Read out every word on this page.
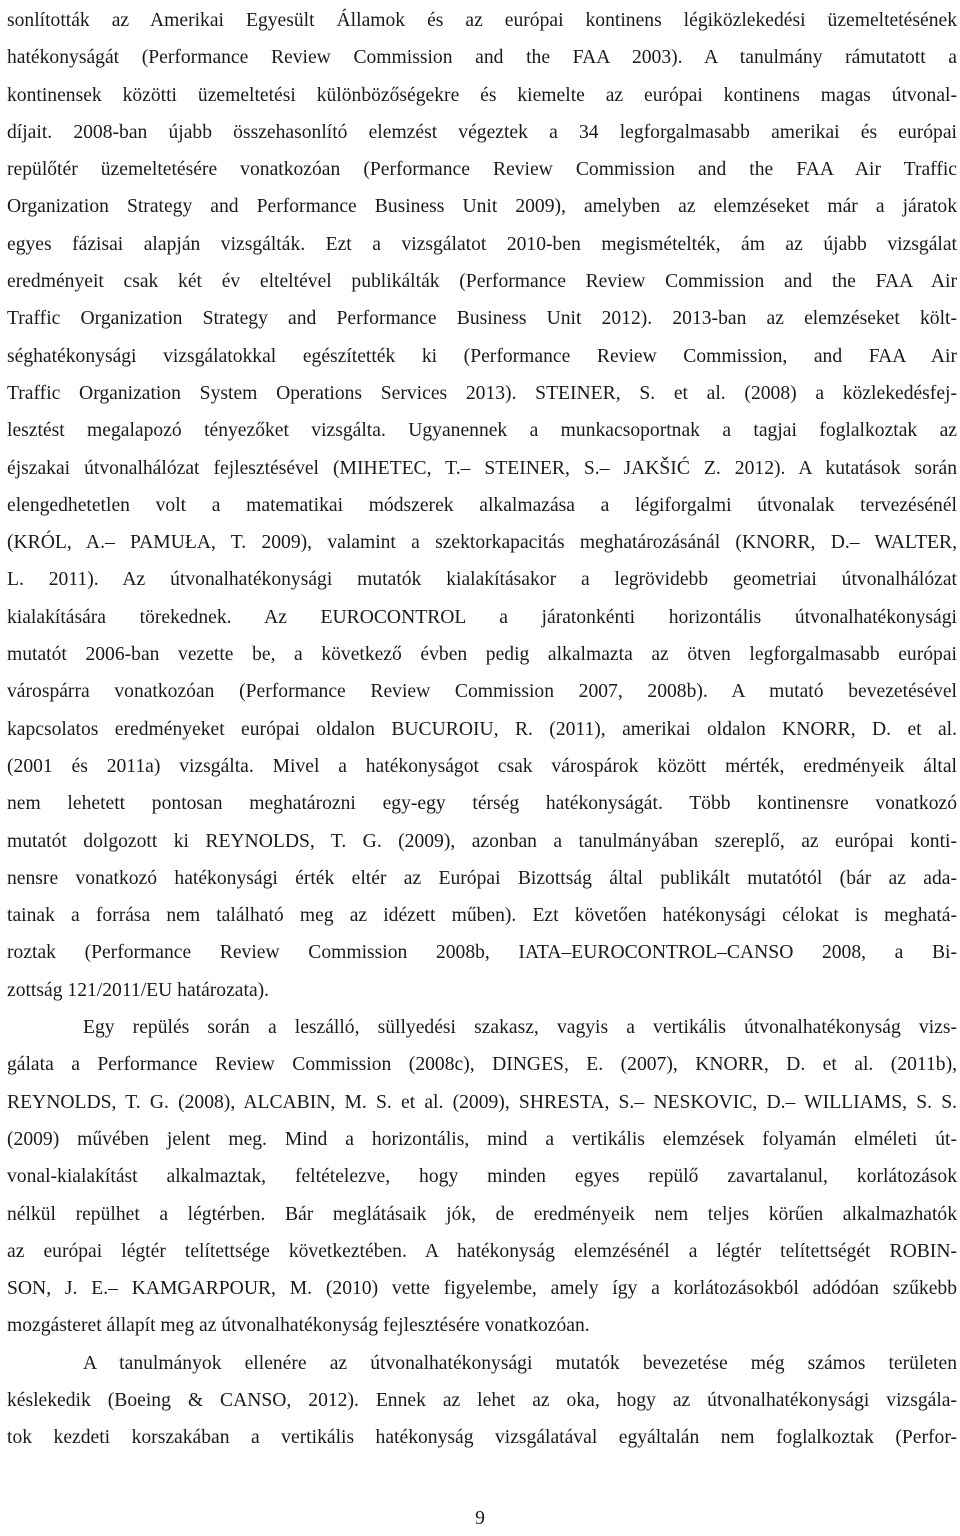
sonlították az Amerikai Egyesült Államok és az európai kontinens légiközlekedési üzemeltetésének
hatékonyságát (Performance Review Commission and the FAA 2003). A tanulmány rámutatott a
kontinensek közötti üzemeltetési különbözőségekre és kiemelte az európai kontinens magas útvonal-
díjait. 2008-ban újabb összehasonlító elemzést végeztek a 34 legforgalmasabb amerikai és európai
repülőtér üzemeltetésére vonatkozóan (Performance Review Commission and the FAA Air Traffic
Organization Strategy and Performance Business Unit 2009), amelyben az elemzéseket már a járatok
egyes fázisai alapján vizsgálták. Ezt a vizsgálatot 2010-ben megismételték, ám az újabb vizsgálat
eredményeit csak két év elteltével publikálták (Performance Review Commission and the FAA Air
Traffic Organization Strategy and Performance Business Unit 2012). 2013-ban az elemzéseket költ-
séghatékonysági vizsgálatokkal egészítették ki (Performance Review Commission, and FAA Air
Traffic Organization System Operations Services 2013). STEINER, S. et al. (2008) a közlekedésfej-
lesztést megalapozó tényezőket vizsgálta. Ugyanennek a munkacsoportnak a tagjai foglalkoztak az
éjszakai útvonalhálózat fejlesztésével (MIHETEC, T.– STEINER, S.– JAKŠIĆ Z. 2012). A kutatások során
elengedhetetlen volt a matematikai módszerek alkalmazása a légiforgalmi útvonalak tervezésénél
(KRÓL, A.– PAMUŁA, T. 2009), valamint a szektorkapacitás meghatározásánál (KNORR, D.– WALTER,
L. 2011). Az útvonalhatékonysági mutatók kialakításakor a legrövidebb geometriai útvonalhálózat
kialakítására törekednek. Az EUROCONTROL a járatonkénti horizontális útvonalhatékonysági
mutatót 2006-ban vezette be, a következő évben pedig alkalmazta az ötven legforgalmasabb európai
várospárra vonatkozóan (Performance Review Commission 2007, 2008b). A mutató bevezetésével
kapcsolatos eredményeket európai oldalon BUCUROIU, R. (2011), amerikai oldalon KNORR, D. et al.
(2001 és 2011a) vizsgálta. Mivel a hatékonyságot csak várospárok között mérték, eredményeik által
nem lehetett pontosan meghatározni egy-egy térség hatékonyságát. Több kontinensre vonatkozó
mutatót dolgozott ki REYNOLDS, T. G. (2009), azonban a tanulmányában szereplő, az európai konti-
nensre vonatkozó hatékonysági érték eltér az Európai Bizottság által publikált mutatótól (bár az ada-
tainak a forrása nem található meg az idézett műben). Ezt követően hatékonysági célokat is meghatá-
roztak (Performance Review Commission 2008b, IATA–EUROCONTROL–CANSO 2008, a Bi-
zottság 121/2011/EU határozata).
Egy repülés során a leszálló, süllyedési szakasz, vagyis a vertikális útvonalhatékonyság vizs-
gálata a Performance Review Commission (2008c), DINGES, E. (2007), KNORR, D. et al. (2011b),
REYNOLDS, T. G. (2008), ALCABIN, M. S. et al. (2009), SHRESTA, S.– NESKOVIC, D.– WILLIAMS, S. S.
(2009) művében jelent meg. Mind a horizontális, mind a vertikális elemzések folyamán elméleti út-
vonal-kialakítást alkalmaztak, feltételezve, hogy minden egyes repülő zavartalanul, korlátozások
nélkül repülhet a légtérben. Bár meglátásaik jók, de eredményeik nem teljes körűen alkalmazhatók
az európai légtér telítettsége következtében. A hatékonyság elemzésénél a légtér telítettségét ROBIN-
SON, J. E.– KAMGARPOUR, M. (2010) vette figyelembe, amely így a korlátozásokból adódóan szűkebb
mozgásteret állapít meg az útvonalhatékonyság fejlesztésére vonatkozóan.
A tanulmányok ellenére az útvonalhatékonysági mutatók bevezetése még számos területen
késlekedik (Boeing & CANSO, 2012). Ennek az lehet az oka, hogy az útvonalhatékonysági vizsgála-
tok kezdeti korszakában a vertikális hatékonyság vizsgálatával egyáltalán nem foglalkoztak (Perfor-
9
